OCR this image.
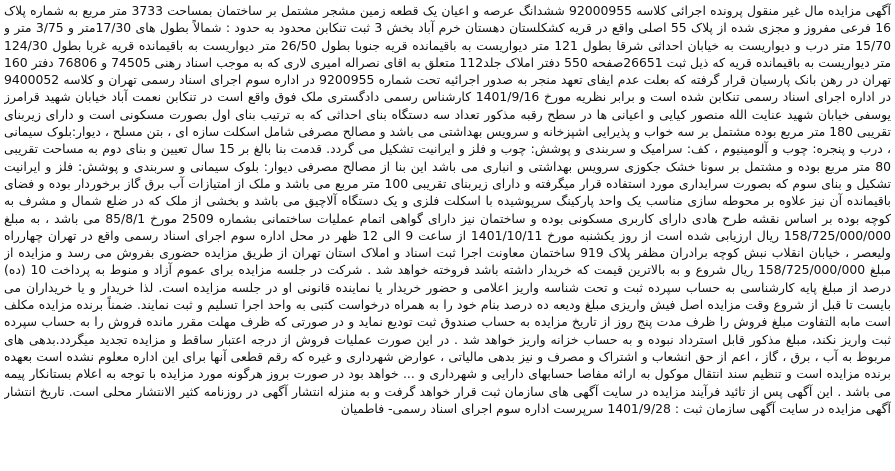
آگهی مزایده مال غیر منقول پرونده اجرائی کلاسه 92000955 ششدانگ عرصه و اعیان یک قطعه زمین مشجر مشتمل بر ساختمان بمساحت 3733 متر مربع به شماره پلاک 16 فرعی مفروز و مجزی شده از پلاک 55 اصلی واقع در قریه کشکلستان دهستان خرم آباد بخش 3 ثبت تنکابن محدود به حدود : شمالاً بطول های 17/30متر و 3/75 متر و 15/70 متر درب و دیواریست به خیابان احداثی شرقا بطول 121 متر دیواریست به باقیمانده قریه جنوبا بطول 26/50 متر دیواریست به باقیمانده قریه غربا بطول 124/30 متر دیواریست به باقیمانده قریه که ذیل ثبت 26651صفحه 550 دفتر املاک جلد112 متعلق به اقای نصراله امیری لاری که به موجب اسناد رهنی 74505 و 76806 دفتر 160 تهران در رهن بانک پارسیان قرار گرفته که بعلت عدم ایفای تعهد منجر به صدور اجرائیه تحت شماره 9200955 در اداره سوم اجرای اسناد رسمی تهران و کلاسه 9400052 در اداره اجرای اسناد رسمی تنکابن شده است و برابر نظریه مورخ 1401/9/16 کارشناس رسمی دادگستری ملک فوق واقع است در تنکابن نعمت آباد خیابان شهید قرامرز یوسفی خیابان شهید عنایت الله منصور کیایی و اعیانی ها در سطح رقبه مذکور تعداد سه دستگاه بنای احداثی که به ترتیب بنای اول بصورت مسکونی است و دارای زیربنای تقریبی 180 متر مربع بوده مشتمل بر سه خواب و پذیرایی اشپزخانه و سرویس بهداشتی می باشد و مصالح مصرفی شامل اسکلت سازه ای ، بتن مسلح ، دیوار:بلوک سیمانی ، درب و پنجره: چوب و آلومینیوم ، کف: سرامیک و سربندی و پوشش: چوب و فلز و ایرانیت تشکیل می گردد. قدمت بنا بالغ بر 15 سال تعیین و بنای دوم به مساحت تقریبی 80 متر مربع بوده و مشتمل بر سونا خشک جکوزی سرویس بهداشتی و انباری می باشد این بنا از مصالح مصرفی دیوار: بلوک سیمانی و سربندی و پوشش: فلز و ایرانیت تشکیل و بنای سوم که بصورت سرایداری مورد استفاده قرار میگرفته و دارای زیربنای تقریبی 100 متر مربع می باشد و ملک از امتیازات آب برق گاز برخوردار بوده و فضای باقیمانده آن نیز علاوه بر محوطه سازی مناسب یک واحد پارکینگ سرپوشیده با اسکلت فلزی و یک دستگاه آلاچیق می باشد و بخشی از ملک که در ضلع شمال و مشرف به کوچه بوده بر اساس نقشه طرح هادی دارای کاربری مسکونی بوده و ساختمان نیز دارای گواهی اتمام عملیات ساختمانی بشماره 2509 مورخ 85/8/1 می باشد ، به مبلغ 158/725/000/000 ریال ارزیابی شده است از روز یکشنبه مورخ 1401/10/11 از ساعت 9 الی 12 ظهر در محل اداره سوم اجرای اسناد رسمی واقع در تهران چهارراه ولیعصر ، خیابان انقلاب نبش کوچه برادران مظفر پلاک 919 ساختمان معاونت اجرا ثبت اسناد و املاک استان تهران از طریق مزایده حضوری بفروش می رسد و مزایده از مبلغ 158/725/000/000 ریال شروع و به بالاترین قیمت که خریدار داشته باشد فروخته خواهد شد . شرکت در جلسه مزایده برای عموم آزاد و منوط به پرداخت 10 (ده) درصد از مبلغ پایه کارشناسی به حساب سپرده ثبت و تحت شناسه واریز اعلامی و حضور خریدار یا نماینده قانونی او در جلسه مزایده است. لذا خریدار و یا خریداران می بایست تا قبل از شروع وقت مزایده اصل فیش واریزی مبلغ ودیعه ده درصد بنام خود را به همراه درخواست کتبی به واحد اجرا تسلیم و ثبت نمایند. ضمناً برنده مزایده مکلف است مابه التفاوت مبلغ فروش را ظرف مدت پنج روز از تاریخ مزایده به حساب صندوق ثبت تودیع نماید و در صورتی که ظرف مهلت مقرر مانده فروش را به حساب سپرده ثبت واریز نکند، مبلغ مذکور قابل استرداد نبوده و به حساب خزانه واریز خواهد شد . در این صورت عملیات فروش از درجه اعتبار ساقط و مزایده تجدید میگردد.بدهی های مربوط به آب ، برق ، گاز ، اعم از حق انشعاب و اشتراک و مصرف و نیز بدهی مالیاتی ، عوارض شهرداری و غیره که رقم قطعی آنها برای این اداره معلوم نشده است بعهده برنده مزایده است و تنظیم سند انتقال موکول به ارائه مفاصا حسابهای دارایی و شهرداری و ... خواهد بود در صورت بروز هرگونه مورد مزایده با توجه به اعلام بستانکار پیمه می باشد . این آگهی پس از تائید فرآیند مزایده در سایت آگهی های سازمان ثبت قرار خواهد گرفت و به منزله انتشار آگهی در روزنامه کثیر الانتشار محلی است. تاریخ انتشار آگهی مزایده در سایت آگهی سازمان ثبت : 1401/9/28 سرپرست اداره سوم اجرای اسناد رسمی- فاطمیان
